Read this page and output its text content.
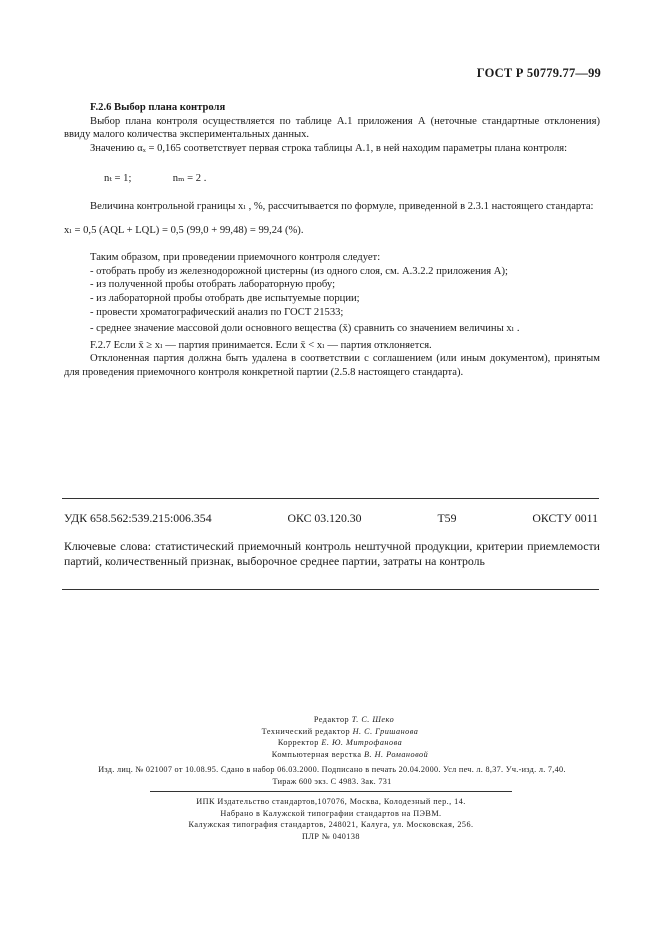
ГОСТ Р 50779.77—99

F.2.6 Выбор плана контроля

Выбор плана контроля осуществляется по таблице А.1 приложения А (неточные стандартные отклонения) ввиду малого количества экспериментальных данных.

Значению αₓ = 0,165 соответствует первая строка таблицы А.1, в ней находим параметры плана контроля:

nₜ = 1;	nₘ = 2 .

Величина контрольной границы xₗ , %, рассчитывается по формуле, приведенной в 2.3.1 настоящего стандарта:

xₗ = 0,5 (AQL + LQL) = 0,5 (99,0 + 99,48) = 99,24 (%).

Таким образом, при проведении приемочного контроля следует:

- отобрать пробу из железнодорожной цистерны (из одного слоя, см. А.3.2.2 приложения А);

- из полученной пробы отобрать лабораторную пробу;

- из лабораторной пробы отобрать две испытуемые порции;

- провести хроматографический анализ по ГОСТ 21533;

- среднее значение массовой доли основного вещества (x̄) сравнить со значением величины xₗ .

F.2.7 Если x̄ ≥ xₗ — партия принимается. Если x̄ < xₗ — партия отклоняется.

Отклоненная партия должна быть удалена в соответствии с соглашением (или иным документом), принятым для проведения приемочного контроля конкретной партии (2.5.8 настоящего стандарта).

УДК 658.562:539.215:006.354	ОКС 03.120.30	Т59	ОКСТУ 0011
Ключевые слова: статистический приемочный контроль нештучной продукции, критерии приемлемости партий, количественный признак, выборочное среднее партии, затраты на контроль
Редактор Т. С. Шеко
Технический редактор Н. С. Гришанова
Корректор Е. Ю. Митрофанова
Компьютерная верстка В. Н. Романовой
Изд. лиц. № 021007 от 10.08.95. Сдано в набор 06.03.2000. Подписано в печать 20.04.2000. Усл печ. л. 8,37. Уч.-изд. л. 7,40.
Тираж 600 экз. С 4983. Зак. 731
ИПК Издательство стандартов,107076, Москва, Колодезный пер., 14.
Набрано в Калужской типографии стандартов на ПЭВМ.
Калужская типография стандартов, 248021, Калуга, ул. Московская, 256.
ПЛР № 040138
